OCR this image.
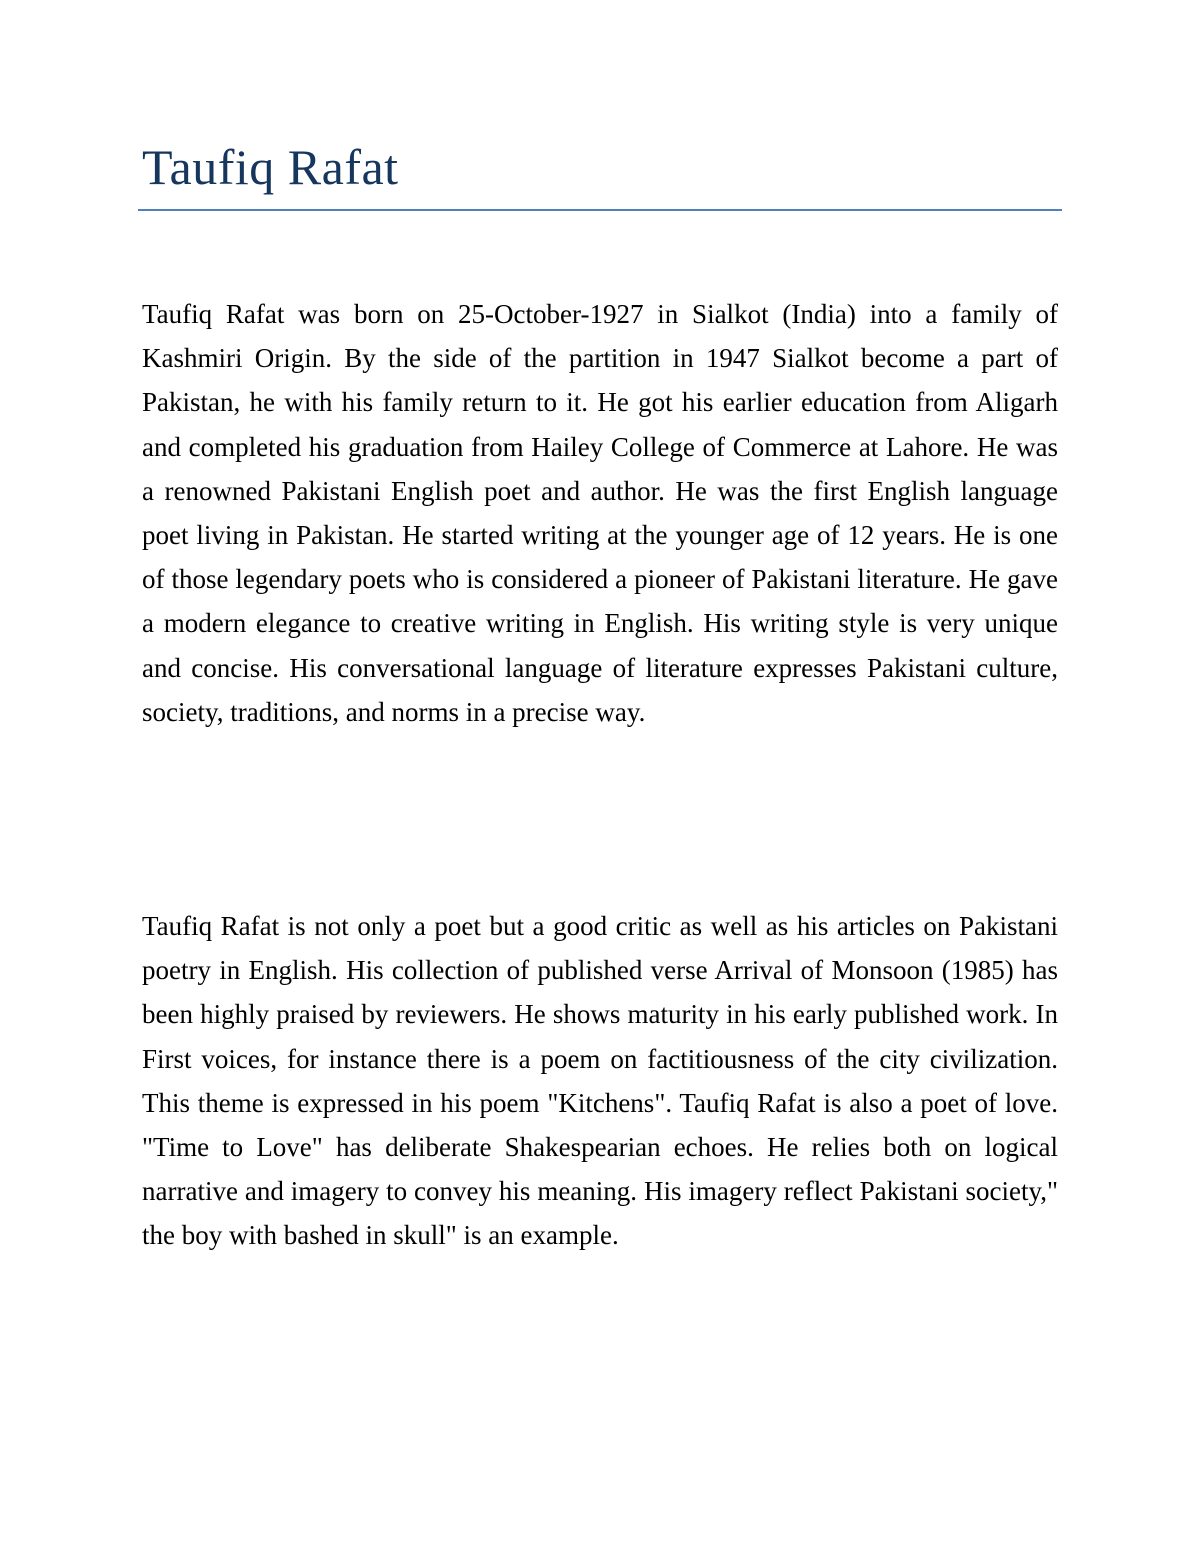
Taufiq Rafat

Taufiq Rafat was born on 25-October-1927 in Sialkot (India) into a family of Kashmiri Origin. By the side of the partition in 1947 Sialkot become a part of Pakistan, he with his family return to it. He got his earlier education from Aligarh and completed his graduation from Hailey College of Commerce at Lahore. He was a renowned Pakistani English poet and author. He was the first English language poet living in Pakistan. He started writing at the younger age of 12 years. He is one of those legendary poets who is considered a pioneer of Pakistani literature. He gave a modern elegance to creative writing in English. His writing style is very unique and concise. His conversational language of literature expresses Pakistani culture, society, traditions, and norms in a precise way.

Taufiq Rafat is not only a poet but a good critic as well as his articles on Pakistani poetry in English. His collection of published verse Arrival of Monsoon (1985) has been highly praised by reviewers. He shows maturity in his early published work. In First voices, for instance there is a poem on factitiousness of the city civilization. This theme is expressed in his poem "Kitchens". Taufiq Rafat is also a poet of love. "Time to Love" has deliberate Shakespearian echoes. He relies both on logical narrative and imagery to convey his meaning. His imagery reflect Pakistani society," the boy with bashed in skull" is an example.
